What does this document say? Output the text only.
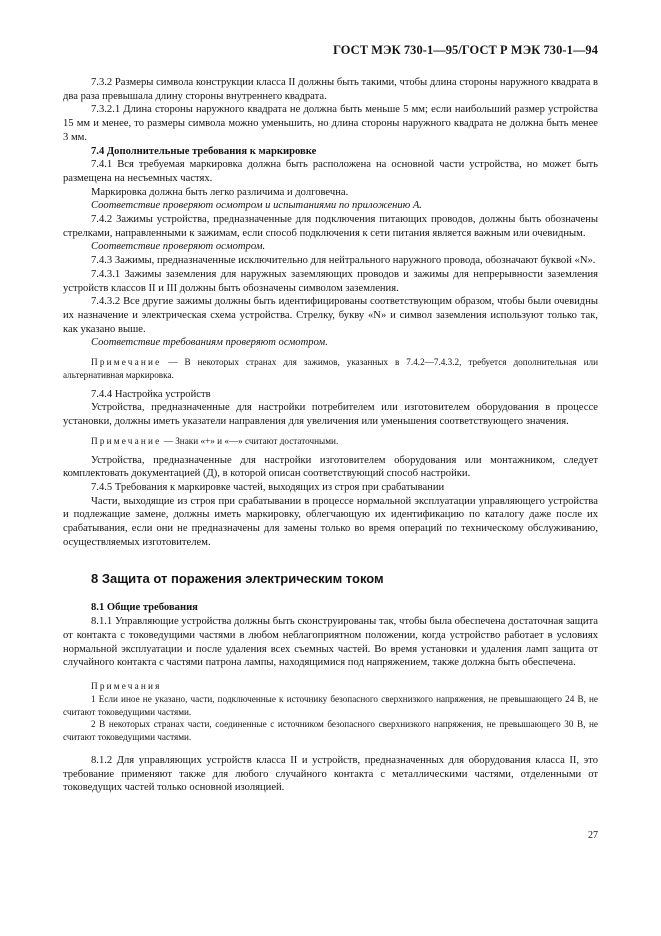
ГОСТ МЭК 730-1—95/ГОСТ Р МЭК 730-1—94

7.3.2 Размеры символа конструкции класса II должны быть такими, чтобы длина стороны наружного квадрата в два раза превышала длину стороны внутреннего квадрата.

7.3.2.1 Длина стороны наружного квадрата не должна быть меньше 5 мм; если наибольший размер устройства 15 мм и менее, то размеры символа можно уменьшить, но длина стороны наружного квадрата не должна быть менее 3 мм.

7.4 Дополнительные требования к маркировке

7.4.1 Вся требуемая маркировка должна быть расположена на основной части устройства, но может быть размещена на несъемных частях.

Маркировка должна быть легко различима и долговечна.

Соответствие проверяют осмотром и испытаниями по приложению А.

7.4.2 Зажимы устройства, предназначенные для подключения питающих проводов, должны быть обозначены стрелками, направленными к зажимам, если способ подключения к сети питания является важным или очевидным.

Соответствие проверяют осмотром.

7.4.3 Зажимы, предназначенные исключительно для нейтрального наружного провода, обозначают буквой «N».

7.4.3.1 Зажимы заземления для наружных заземляющих проводов и зажимы для непрерывности заземления устройств классов II и III должны быть обозначены символом заземления.

7.4.3.2 Все другие зажимы должны быть идентифицированы соответствующим образом, чтобы были очевидны их назначение и электрическая схема устройства. Стрелку, букву «N» и символ заземления используют только так, как указано выше.

Соответствие требованиям проверяют осмотром.

Примечание — В некоторых странах для зажимов, указанных в 7.4.2—7.4.3.2, требуется дополнительная или альтернативная маркировка.

7.4.4 Настройка устройств

Устройства, предназначенные для настройки потребителем или изготовителем оборудования в процессе установки, должны иметь указатели направления для увеличения или уменьшения соответствующего значения.

Примечание — Знаки «+» и «—» считают достаточными.

Устройства, предназначенные для настройки изготовителем оборудования или монтажником, следует комплектовать документацией (Д), в которой описан соответствующий способ настройки.

7.4.5 Требования к маркировке частей, выходящих из строя при срабатывании

Части, выходящие из строя при срабатывании в процессе нормальной эксплуатации управляющего устройства и подлежащие замене, должны иметь маркировку, облегчающую их идентификацию по каталогу даже после их срабатывания, если они не предназначены для замены только во время операций по техническому обслуживанию, осуществляемых изготовителем.

8 Защита от поражения электрическим током

8.1 Общие требования

8.1.1 Управляющие устройства должны быть сконструированы так, чтобы была обеспечена достаточная защита от контакта с токоведущими частями в любом неблагоприятном положении, когда устройство работает в условиях нормальной эксплуатации и после удаления всех съемных частей. Во время установки и удаления ламп защита от случайного контакта с частями патрона лампы, находящимися под напряжением, также должна быть обеспечена.

Примечания

1 Если иное не указано, части, подключенные к источнику безопасного сверхнизкого напряжения, не превышающего 24 В, не считают токоведущими частями.

2 В некоторых странах части, соединенные с источником безопасного сверхнизкого напряжения, не превышающего 30 В, не считают токоведущими частями.

8.1.2 Для управляющих устройств класса II и устройств, предназначенных для оборудования класса II, это требование применяют также для любого случайного контакта с металлическими частями, отделенными от токоведущих частей только основной изоляцией.

27
